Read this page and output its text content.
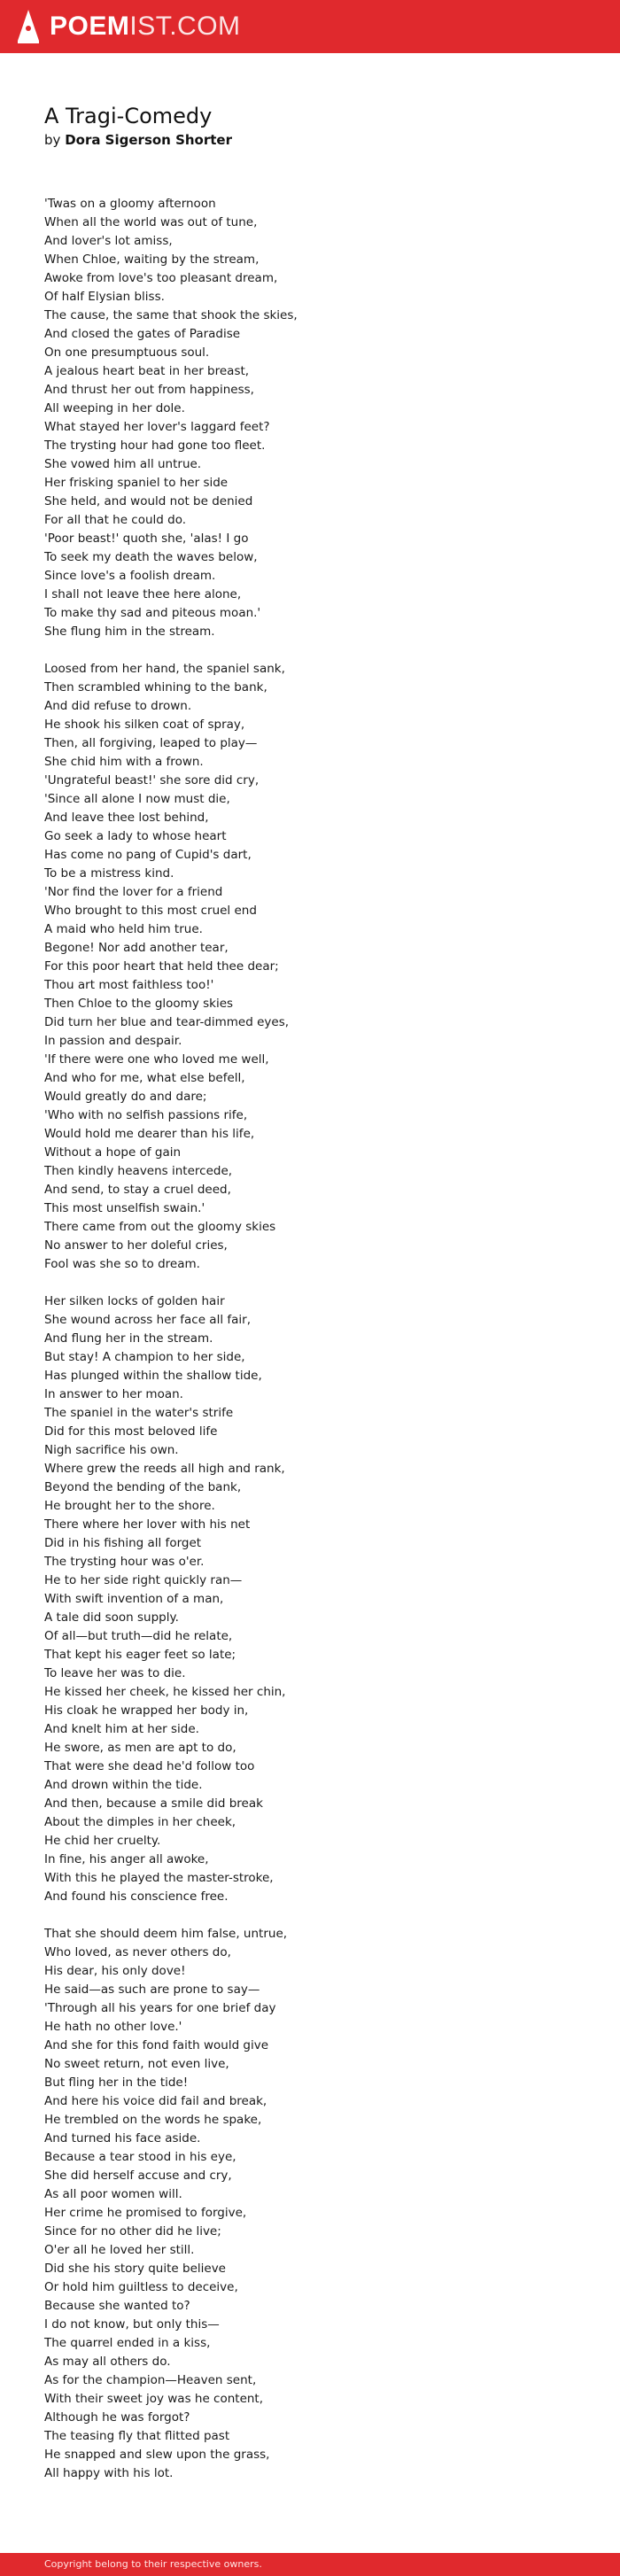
POEMIST.COM
A Tragi-Comedy
by Dora Sigerson Shorter
'Twas on a gloomy afternoon
When all the world was out of tune,
And lover's lot amiss,
When Chloe, waiting by the stream,
Awoke from love's too pleasant dream,
Of half Elysian bliss.
The cause, the same that shook the skies,
And closed the gates of Paradise
On one presumptuous soul.
A jealous heart beat in her breast,
And thrust her out from happiness,
All weeping in her dole.
What stayed her lover's laggard feet?
The trysting hour had gone too fleet.
She vowed him all untrue.
Her frisking spaniel to her side
She held, and would not be denied
For all that he could do.
'Poor beast!' quoth she, 'alas! I go
To seek my death the waves below,
Since love's a foolish dream.
I shall not leave thee here alone,
To make thy sad and piteous moan.'
She flung him in the stream.
Loosed from her hand, the spaniel sank,
Then scrambled whining to the bank,
And did refuse to drown.
He shook his silken coat of spray,
Then, all forgiving, leaped to play—
She chid him with a frown.
'Ungrateful beast!' she sore did cry,
'Since all alone I now must die,
And leave thee lost behind,
Go seek a lady to whose heart
Has come no pang of Cupid's dart,
To be a mistress kind.
'Nor find the lover for a friend
Who brought to this most cruel end
A maid who held him true.
Begone! Nor add another tear,
For this poor heart that held thee dear;
Thou art most faithless too!'
Then Chloe to the gloomy skies
Did turn her blue and tear-dimmed eyes,
In passion and despair.
'If there were one who loved me well,
And who for me, what else befell,
Would greatly do and dare;
'Who with no selfish passions rife,
Would hold me dearer than his life,
Without a hope of gain
Then kindly heavens intercede,
And send, to stay a cruel deed,
This most unselfish swain.'
There came from out the gloomy skies
No answer to her doleful cries,
Fool was she so to dream.
Her silken locks of golden hair
She wound across her face all fair,
And flung her in the stream.
But stay! A champion to her side,
Has plunged within the shallow tide,
In answer to her moan.
The spaniel in the water's strife
Did for this most beloved life
Nigh sacrifice his own.
Where grew the reeds all high and rank,
Beyond the bending of the bank,
He brought her to the shore.
There where her lover with his net
Did in his fishing all forget
The trysting hour was o'er.
He to her side right quickly ran—
With swift invention of a man,
A tale did soon supply.
Of all—but truth—did he relate,
That kept his eager feet so late;
To leave her was to die.
He kissed her cheek, he kissed her chin,
His cloak he wrapped her body in,
And knelt him at her side.
He swore, as men are apt to do,
That were she dead he'd follow too
And drown within the tide.
And then, because a smile did break
About the dimples in her cheek,
He chid her cruelty.
In fine, his anger all awoke,
With this he played the master-stroke,
And found his conscience free.
That she should deem him false, untrue,
Who loved, as never others do,
His dear, his only dove!
He said—as such are prone to say—
'Through all his years for one brief day
He hath no other love.'
And she for this fond faith would give
No sweet return, not even live,
But fling her in the tide!
And here his voice did fail and break,
He trembled on the words he spake,
And turned his face aside.
Because a tear stood in his eye,
She did herself accuse and cry,
As all poor women will.
Her crime he promised to forgive,
Since for no other did he live;
O'er all he loved her still.
Did she his story quite believe
Or hold him guiltless to deceive,
Because she wanted to?
I do not know, but only this—
The quarrel ended in a kiss,
As may all others do.
As for the champion—Heaven sent,
With their sweet joy was he content,
Although he was forgot?
The teasing fly that flitted past
He snapped and slew upon the grass,
All happy with his lot.
Copyright belong to their respective owners.
